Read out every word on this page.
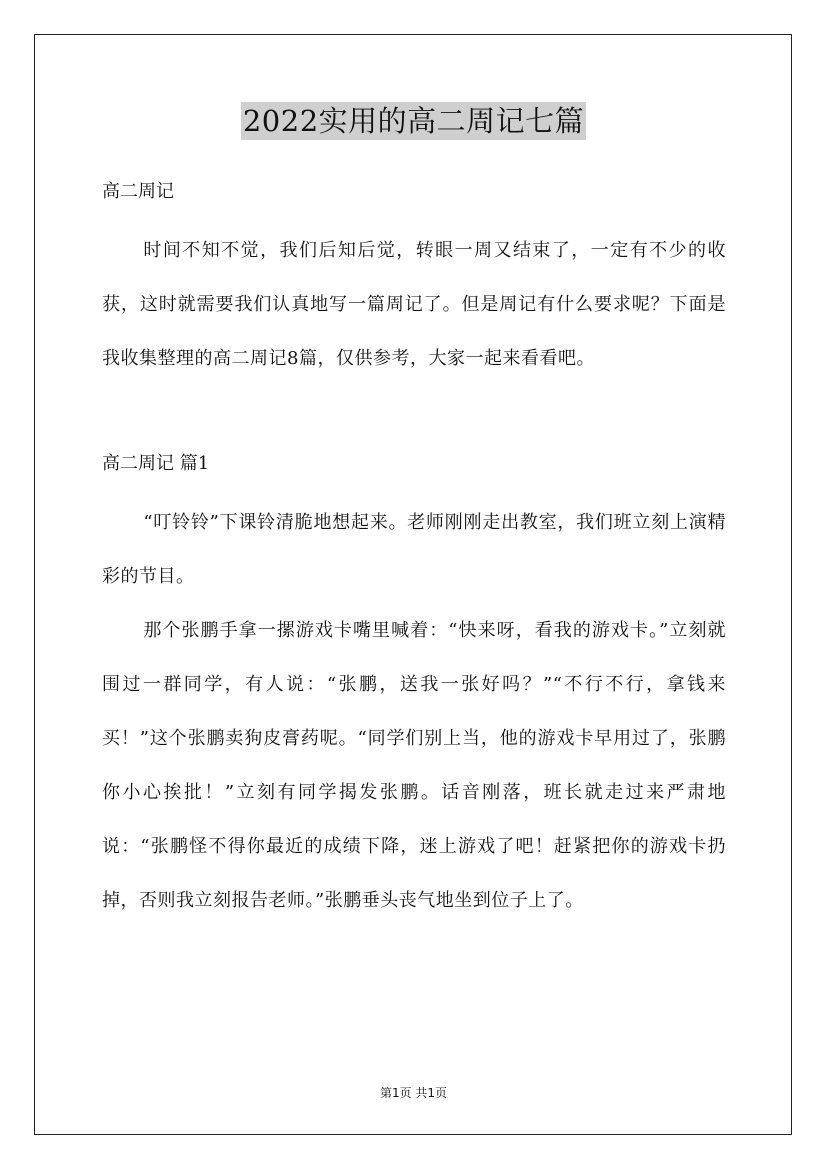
2022实用的高二周记七篇

高二周记

时间不知不觉，我们后知后觉，转眼一周又结束了，一定有不少的收获，这时就需要我们认真地写一篇周记了。但是周记有什么要求呢？下面是我收集整理的高二周记8篇，仅供参考，大家一起来看看吧。

高二周记 篇1

“叮铃铃”下课铃清脆地想起来。老师刚刚走出教室，我们班立刻上演精彩的节目。

那个张鹏手拿一摞游戏卡嘴里喊着：“快来呀，看我的游戏卡。”立刻就围过一群同学，有人说：“张鹏，送我一张好吗？”“不行不行，拿钱来买！”这个张鹏卖狗皮膏药呢。“同学们别上当，他的游戏卡早用过了，张鹏你小心挨批！”立刻有同学揭发张鹏。话音刚落，班长就走过来严肃地说：“张鹏怪不得你最近的成绩下降，迷上游戏了吧！赶紧把你的游戏卡扔掉，否则我立刻报告老师。”张鹏垂头丧气地坐到位子上了。

第1页 共1页
